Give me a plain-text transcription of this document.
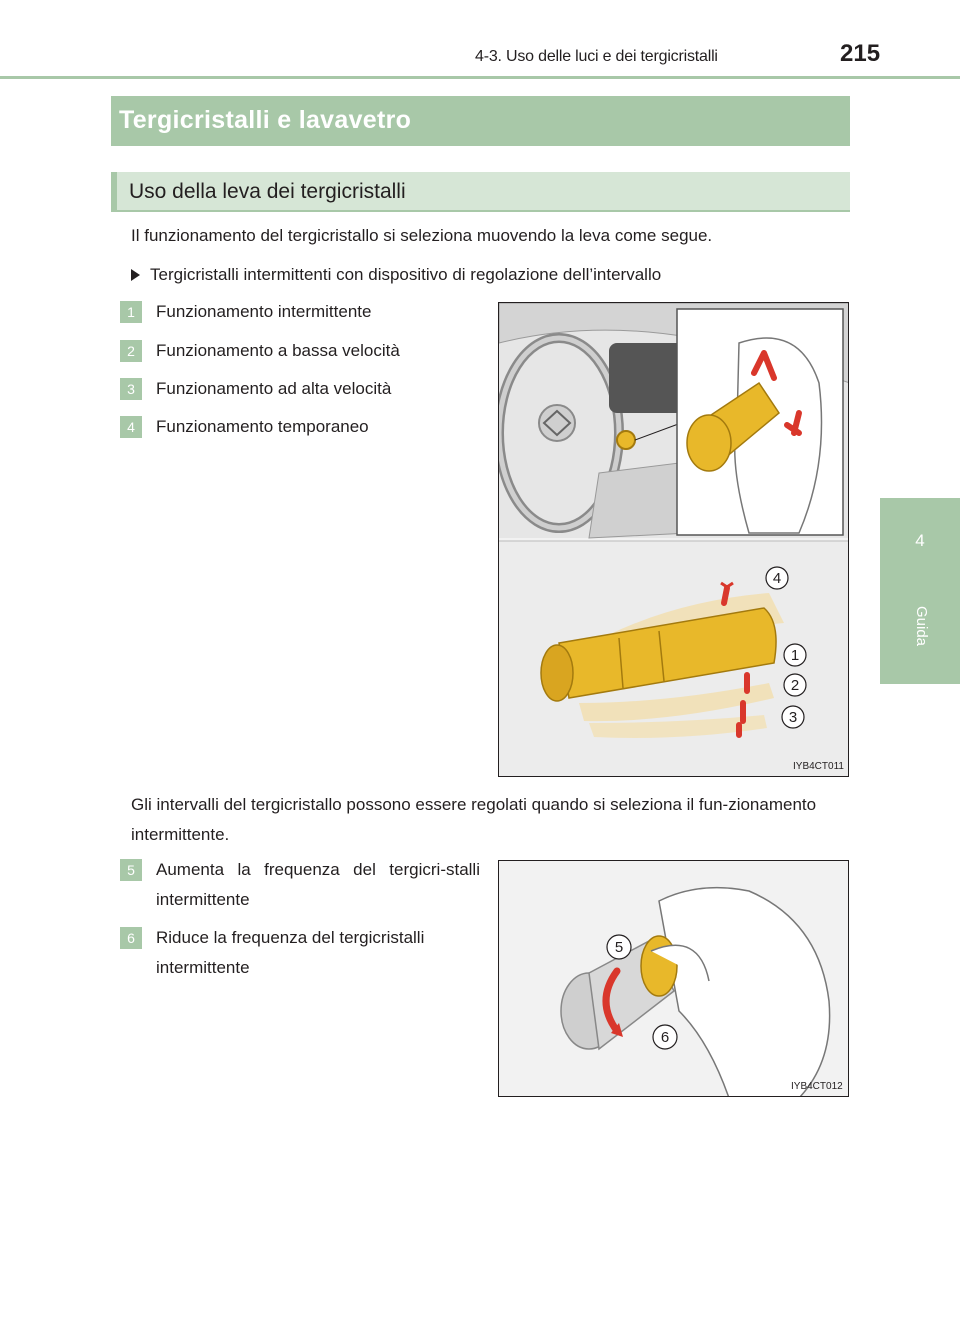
4-3. Uso delle luci e dei tergicristalli	215
4
Guida
Tergicristalli e lavavetro
Uso della leva dei tergicristalli
Il funzionamento del tergicristallo si seleziona muovendo la leva come segue.
Tergicristalli intermittenti con dispositivo di regolazione dell’intervallo
1	Funzionamento intermittente
2	Funzionamento a bassa velocità
3	Funzionamento ad alta velocità
4	Funzionamento temporaneo
4
1
2
3
IYB4CT011
Gli intervalli del tergicristallo possono essere regolati quando si seleziona il fun-zionamento intermittente.
5	Aumenta la frequenza del tergicri-stalli intermittente
6	Riduce la frequenza del tergicristalli intermittente
5
6
IYB4CT012
